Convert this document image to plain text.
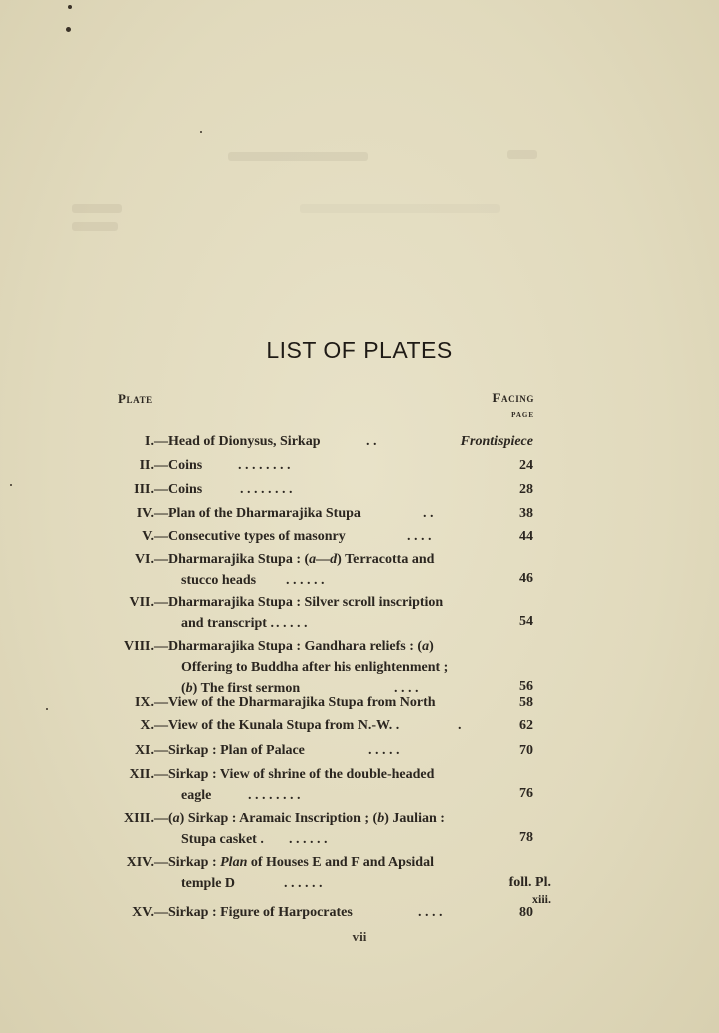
LIST OF PLATES
Plate	Facing
page
I.— Head of Dionysus, Sirkap	. .	Frontispiece
II.— Coins	. . . . . . . .	24
III.— Coins	. . . . . . . .	28
IV.— Plan of the Dharmarajika Stupa	. .	38
V.— Consecutive types of masonry	. . . .	44
VI.— Dharmarajika Stupa : (a—d) Terracotta and
stucco heads . . . . . .	46
VII.— Dharmarajika Stupa : Silver scroll inscription
and transcript . . . . . .	54
VIII.— Dharmarajika Stupa : Gandhara reliefs : (a)
Offering to Buddha after his enlightenment ;
(b) The first sermon	. . . .	56
IX.— View of the Dharmarajika Stupa from North	58
X.— View of the Kunala Stupa from N.-W. .	.	62
XI.— Sirkap : Plan of Palace	. . . . .	70
XII.— Sirkap : View of shrine of the double-headed
eagle	. . . . . . . .	76
XIII.— (a) Sirkap : Aramaic Inscription ; (b) Jaulian :
Stupa casket . . . . . . .	78
XIV.— Sirkap : Plan of Houses E and F and Apsidal
temple D	. . . . . .	foll. Pl.
xiii.
XV.— Sirkap : Figure of Harpocrates	. . . .	80
vii
